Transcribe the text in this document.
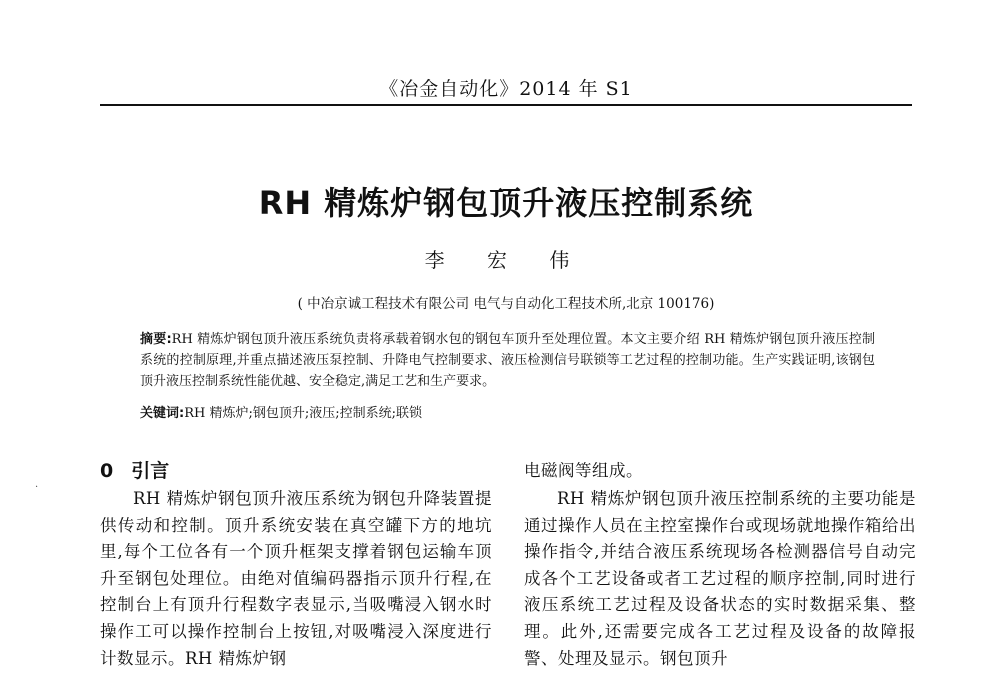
《冶金自动化》2014 年 S1
RH 精炼炉钢包顶升液压控制系统
李 宏 伟
( 中冶京诚工程技术有限公司 电气与自动化工程技术所,北京 100176)
摘要:RH 精炼炉钢包顶升液压系统负责将承载着钢水包的钢包车顶升至处理位置。本文主要介绍 RH 精炼炉钢包顶升液压控制系统的控制原理,并重点描述液压泵控制、升降电气控制要求、液压检测信号联锁等工艺过程的控制功能。生产实践证明,该钢包顶升液压控制系统性能优越、安全稳定,满足工艺和生产要求。
关键词:RH 精炼炉;钢包顶升;液压;控制系统;联锁
·
0 引言
RH 精炼炉钢包顶升液压系统为钢包升降装置提供传动和控制。顶升系统安装在真空罐下方的地坑里,每个工位各有一个顶升框架支撑着钢包运输车顶升至钢包处理位。由绝对值编码器指示顶升行程,在控制台上有顶升行程数字表显示,当吸嘴浸入钢水时操作工可以操作控制台上按钮,对吸嘴浸入深度进行计数显示。RH 精炼炉钢
电磁阀等组成。
RH 精炼炉钢包顶升液压控制系统的主要功能是通过操作人员在主控室操作台或现场就地操作箱给出操作指令,并结合液压系统现场各检测器信号自动完成各个工艺设备或者工艺过程的顺序控制,同时进行液压系统工艺过程及设备状态的实时数据采集、整理。此外,还需要完成各工艺过程及设备的故障报警、处理及显示。钢包顶升
